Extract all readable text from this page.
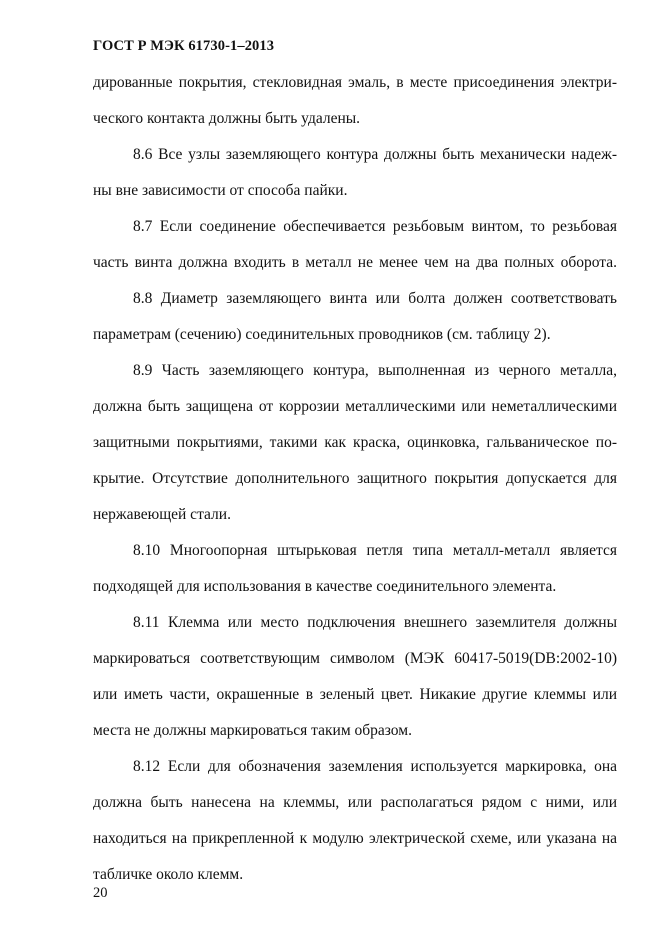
ГОСТ Р МЭК 61730-1–2013
дированные покрытия, стекловидная эмаль, в месте присоединения электри-
ческого контакта должны быть удалены.
8.6 Все узлы заземляющего контура должны быть механически надеж-
ны вне зависимости от способа пайки.
8.7 Если соединение обеспечивается резьбовым винтом, то резьбовая
часть винта должна входить в металл не менее чем на два полных оборота.
8.8 Диаметр заземляющего винта или болта должен соответствовать
параметрам (сечению) соединительных проводников (см. таблицу 2).
8.9 Часть заземляющего контура, выполненная из черного металла,
должна быть защищена от коррозии металлическими или неметаллическими
защитными покрытиями, такими как краска, оцинковка, гальваническое по-
крытие. Отсутствие дополнительного защитного покрытия допускается для
нержавеющей стали.
8.10 Многоопорная штырьковая петля типа металл-металл является
подходящей для использования в качестве соединительного элемента.
8.11 Клемма или место подключения внешнего заземлителя должны
маркироваться соответствующим символом (МЭК 60417-5019(DB:2002-10)
или иметь части, окрашенные в зеленый цвет. Никакие другие клеммы или
места не должны маркироваться таким образом.
8.12 Если для обозначения заземления используется маркировка, она
должна быть нанесена на клеммы, или располагаться рядом с ними, или
находиться на прикрепленной к модулю электрической схеме, или указана на
табличке около клемм.
20
